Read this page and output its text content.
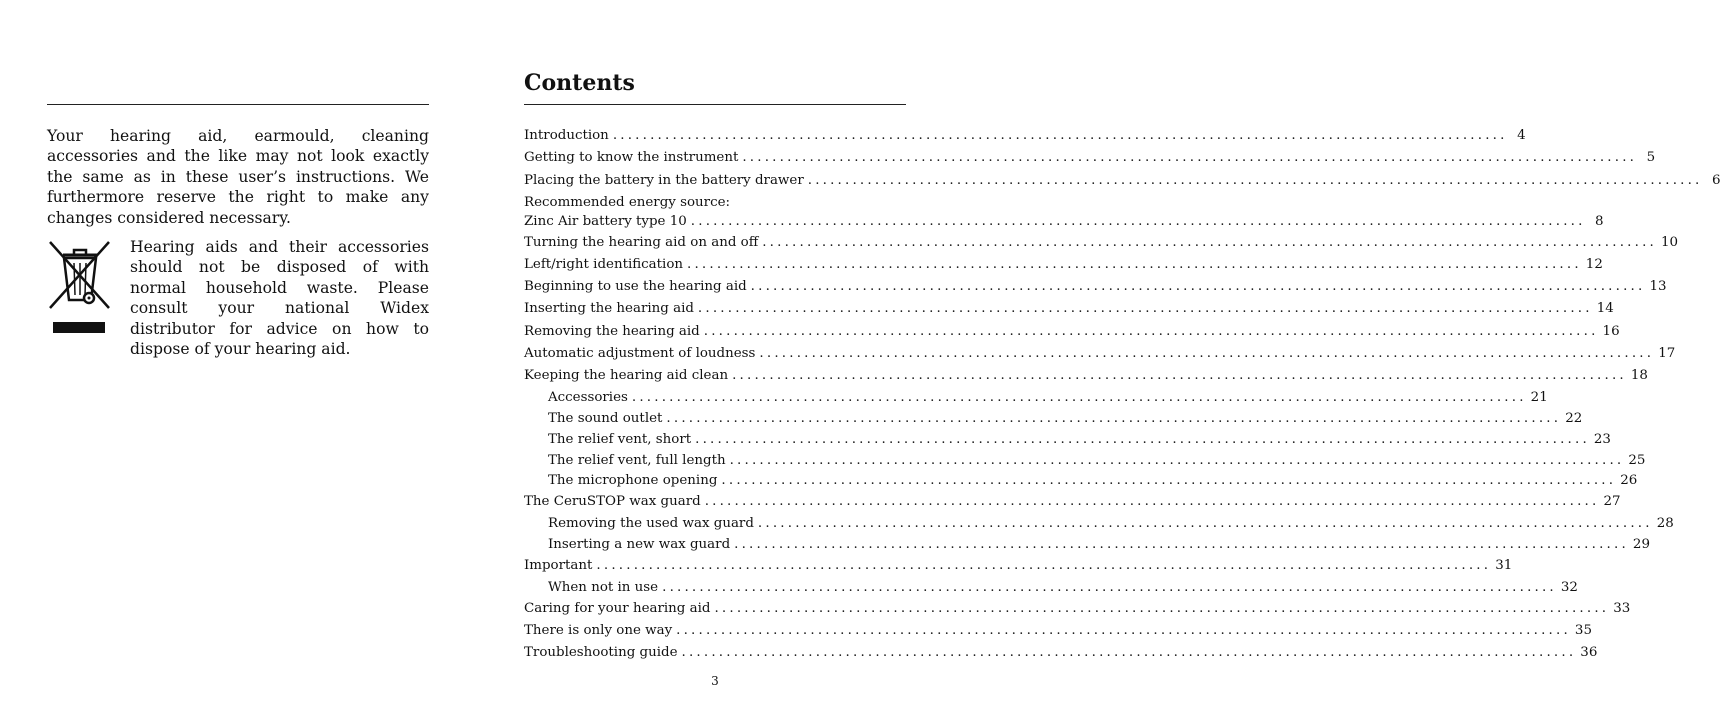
Your hearing aid, earmould, cleaning accessories and the like may not look exactly the same as in these user’s instructions. We furthermore reserve the right to make any changes considered necessary.

Hearing aids and their accessories should not be disposed of with normal household waste. Please consult your national Widex distributor for advice on how to dispose of your hearing aid.

Contents
Introduction ........................................................................................................................ 4
Getting to know the instrument ........................................................................................................................ 5
Placing the battery in the battery drawer ........................................................................................................................ 6
Recommended energy source:
Zinc Air battery type 10 ........................................................................................................................ 8
Turning the hearing aid on and off ........................................................................................................................ 10
Left/right identification ........................................................................................................................ 12
Beginning to use the hearing aid ........................................................................................................................ 13
Inserting the hearing aid ........................................................................................................................ 14
Removing the hearing aid ........................................................................................................................ 16
Automatic adjustment of loudness ........................................................................................................................ 17
Keeping the hearing aid clean ........................................................................................................................ 18
Accessories ........................................................................................................................ 21
The sound outlet ........................................................................................................................ 22
The relief vent, short ........................................................................................................................ 23
The relief vent, full length ........................................................................................................................ 25
The microphone opening ........................................................................................................................ 26
The CeruSTOP wax guard ........................................................................................................................ 27
Removing the used wax guard ........................................................................................................................ 28
Inserting a new wax guard ........................................................................................................................ 29
Important ........................................................................................................................ 31
When not in use ........................................................................................................................ 32
Caring for your hearing aid ........................................................................................................................ 33
There is only one way ........................................................................................................................ 35
Troubleshooting guide ........................................................................................................................ 36
3
